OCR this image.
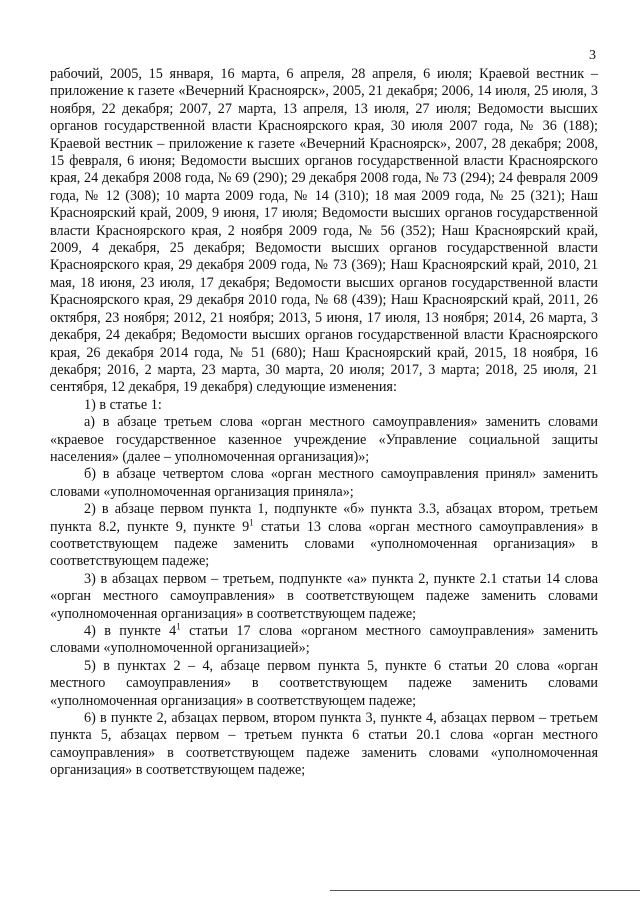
3

рабочий, 2005, 15 января, 16 марта, 6 апреля, 28 апреля, 6 июля; Краевой вестник – приложение к газете «Вечерний Красноярск», 2005, 21 декабря; 2006, 14 июля, 25 июля, 3 ноября, 22 декабря; 2007, 27 марта, 13 апреля, 13 июля, 27 июля; Ведомости высших органов государственной власти Красноярского края, 30 июля 2007 года, № 36 (188); Краевой вестник – приложение к газете «Вечерний Красноярск», 2007, 28 декабря; 2008, 15 февраля, 6 июня; Ведомости высших органов государственной власти Красноярского края, 24 декабря 2008 года, № 69 (290); 29 декабря 2008 года, № 73 (294); 24 февраля 2009 года, № 12 (308); 10 марта 2009 года, № 14 (310); 18 мая 2009 года, № 25 (321); Наш Красноярский край, 2009, 9 июня, 17 июля; Ведомости высших органов государственной власти Красноярского края, 2 ноября 2009 года, № 56 (352); Наш Красноярский край, 2009, 4 декабря, 25 декабря; Ведомости высших органов государственной власти Красноярского края, 29 декабря 2009 года, № 73 (369); Наш Красноярский край, 2010, 21 мая, 18 июня, 23 июля, 17 декабря; Ведомости высших органов государственной власти Красноярского края, 29 декабря 2010 года, № 68 (439); Наш Красноярский край, 2011, 26 октября, 23 ноября; 2012, 21 ноября; 2013, 5 июня, 17 июля, 13 ноября; 2014, 26 марта, 3 декабря, 24 декабря; Ведомости высших органов государственной власти Красноярского края, 26 декабря 2014 года, № 51 (680); Наш Красноярский край, 2015, 18 ноября, 16 декабря; 2016, 2 марта, 23 марта, 30 марта, 20 июля; 2017, 3 марта; 2018, 25 июля, 21 сентября, 12 декабря, 19 декабря) следующие изменения:

1) в статье 1:

а) в абзаце третьем слова «орган местного самоуправления» заменить словами «краевое государственное казенное учреждение «Управление социальной защиты населения» (далее – уполномоченная организация)»;

б) в абзаце четвертом слова «орган местного самоуправления принял» заменить словами «уполномоченная организация приняла»;

2) в абзаце первом пункта 1, подпункте «б» пункта 3.3, абзацах втором, третьем пункта 8.2, пункте 9, пункте $9^1$ статьи 13 слова «орган местного самоуправления» в соответствующем падеже заменить словами «уполномоченная организация» в соответствующем падеже;

3) в абзацах первом – третьем, подпункте «а» пункта 2, пункте 2.1 статьи 14 слова «орган местного самоуправления» в соответствующем падеже заменить словами «уполномоченная организация» в соответствующем падеже;

4) в пункте $4^1$ статьи 17 слова «органом местного самоуправления» заменить словами «уполномоченной организацией»;

5) в пунктах 2 – 4, абзаце первом пункта 5, пункте 6 статьи 20 слова «орган местного самоуправления» в соответствующем падеже заменить словами «уполномоченная организация» в соответствующем падеже;

6) в пункте 2, абзацах первом, втором пункта 3, пункте 4, абзацах первом – третьем пункта 5, абзацах первом – третьем пункта 6 статьи 20.1 слова «орган местного самоуправления» в соответствующем падеже заменить словами «уполномоченная организация» в соответствующем падеже;
